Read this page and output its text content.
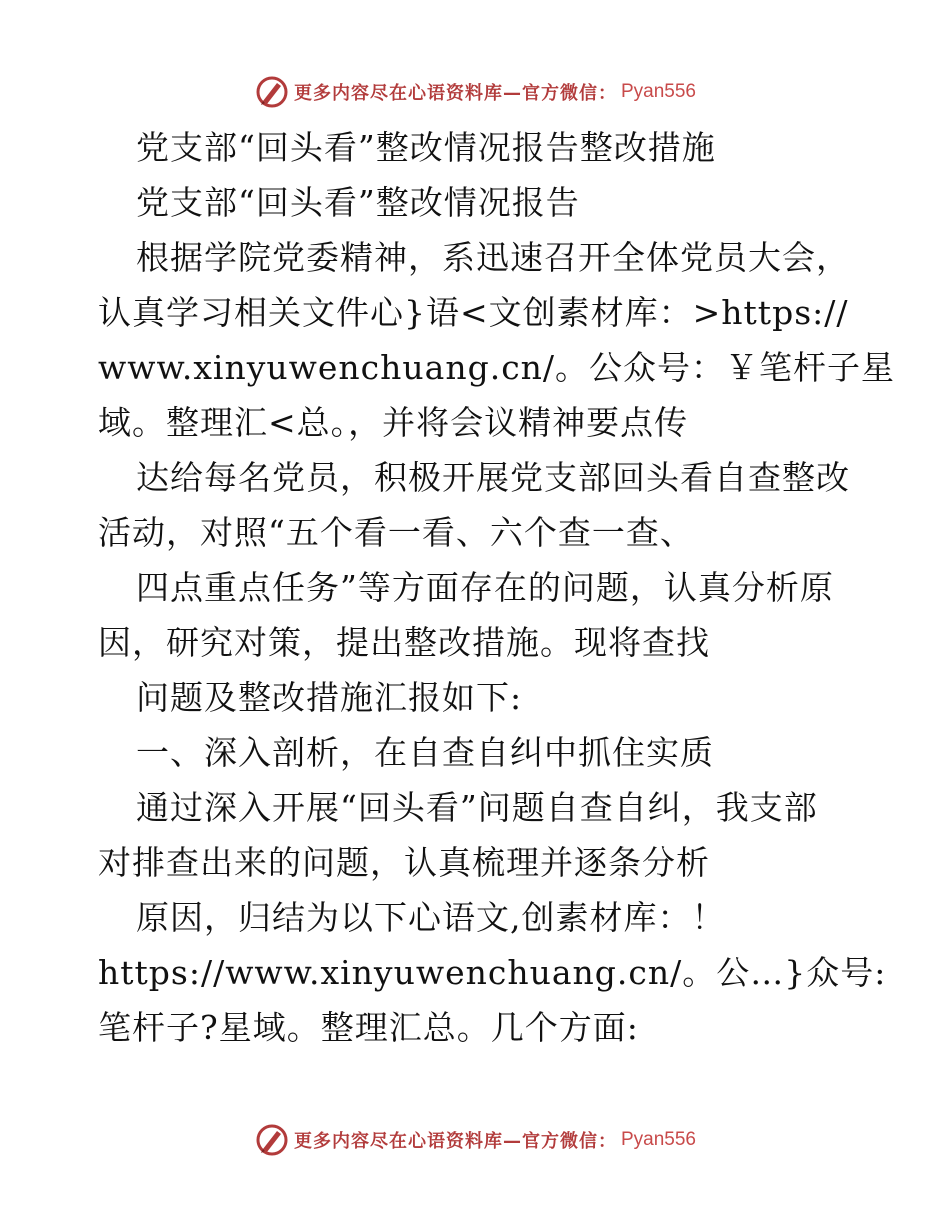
更多内容尽在心语资料库—官方微信： Pyan556
党支部“回头看”整改情况报告整改措施
党支部“回头看”整改情况报告
根据学院党委精神，系迅速召开全体党员大会，
认真学习相关文件心}语<文创素材库：>https://
www.xinyuwenchuang.cn/。公众号：￥笔杆子星
域。整理汇<总。，并将会议精神要点传
达给每名党员，积极开展党支部回头看自查整改
活动，对照“五个看一看、六个查一查、
四点重点任务”等方面存在的问题，认真分析原
因，研究对策，提出整改措施。现将查找
问题及整改措施汇报如下:
一、深入剖析，在自查自纠中抓住实质
通过深入开展“回头看”问题自查自纠，我支部
对排查出来的问题，认真梳理并逐条分析
原因，归结为以下心语文,创素材库：！
https://www.xinyuwenchuang.cn/。公…}众号:
笔杆子?星域。整理汇总。几个方面:
更多内容尽在心语资料库—官方微信： Pyan556
